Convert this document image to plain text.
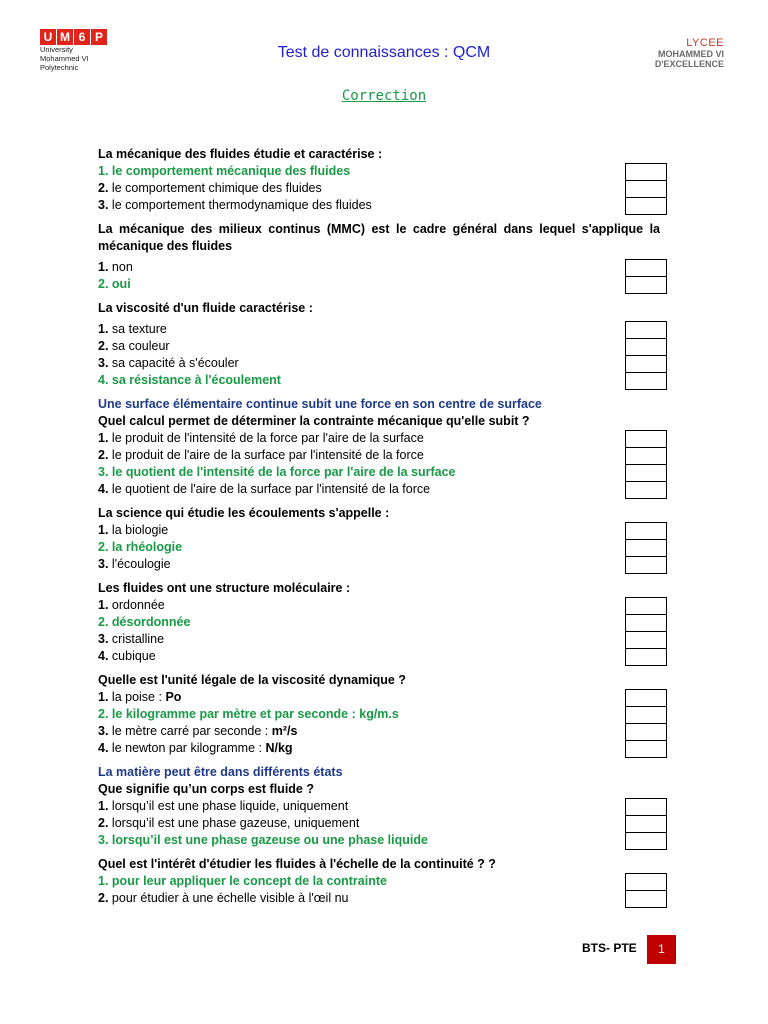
U M 6 P
University
Mohammed VI
Polytechnic
Test de connaissances : QCM
LYCEE
MOHAMMED VI
D'EXCELLENCE
Correction
La mécanique des fluides étudie et caractérise :
1. le comportement mécanique des fluides
2. le comportement chimique des fluides
3. le comportement thermodynamique des fluides
La mécanique des milieux continus (MMC) est le cadre général dans lequel s'applique la mécanique des fluides
1. non
2. oui
La viscosité d'un fluide caractérise :
1. sa texture
2. sa couleur
3. sa capacité à s'écouler
4. sa résistance à l'écoulement
Une surface élémentaire continue subit une force en son centre de surface
Quel calcul permet de déterminer la contrainte mécanique qu'elle subit ?
1. le produit de l'intensité de la force par l'aire de la surface
2. le produit de l'aire de la surface par l'intensité de la force
3. le quotient de l'intensité de la force par l'aire de la surface
4. le quotient de l'aire de la surface par l'intensité de la force
La science qui étudie les écoulements s'appelle :
1. la biologie
2. la rhéologie
3. l'écoulogie
Les fluides ont une structure moléculaire :
1. ordonnée
2. désordonnée
3. cristalline
4. cubique
Quelle est l'unité légale de la viscosité dynamique ?
1. la poise : Po
2. le kilogramme par mètre et par seconde : kg/m.s
3. le mètre carré par seconde : m²/s
4. le newton par kilogramme : N/kg
La matière peut être dans différents états
Que signifie qu’un corps est fluide ?
1. lorsqu’il est une phase liquide, uniquement
2. lorsqu’il est une phase gazeuse, uniquement
3. lorsqu’il est une phase gazeuse ou une phase liquide
Quel est l'intérêt d'étudier les fluides à l'échelle de la continuité ? ?
1. pour leur appliquer le concept de la contrainte
2. pour étudier à une échelle visible à l'œil nu
BTS- PTE	1
